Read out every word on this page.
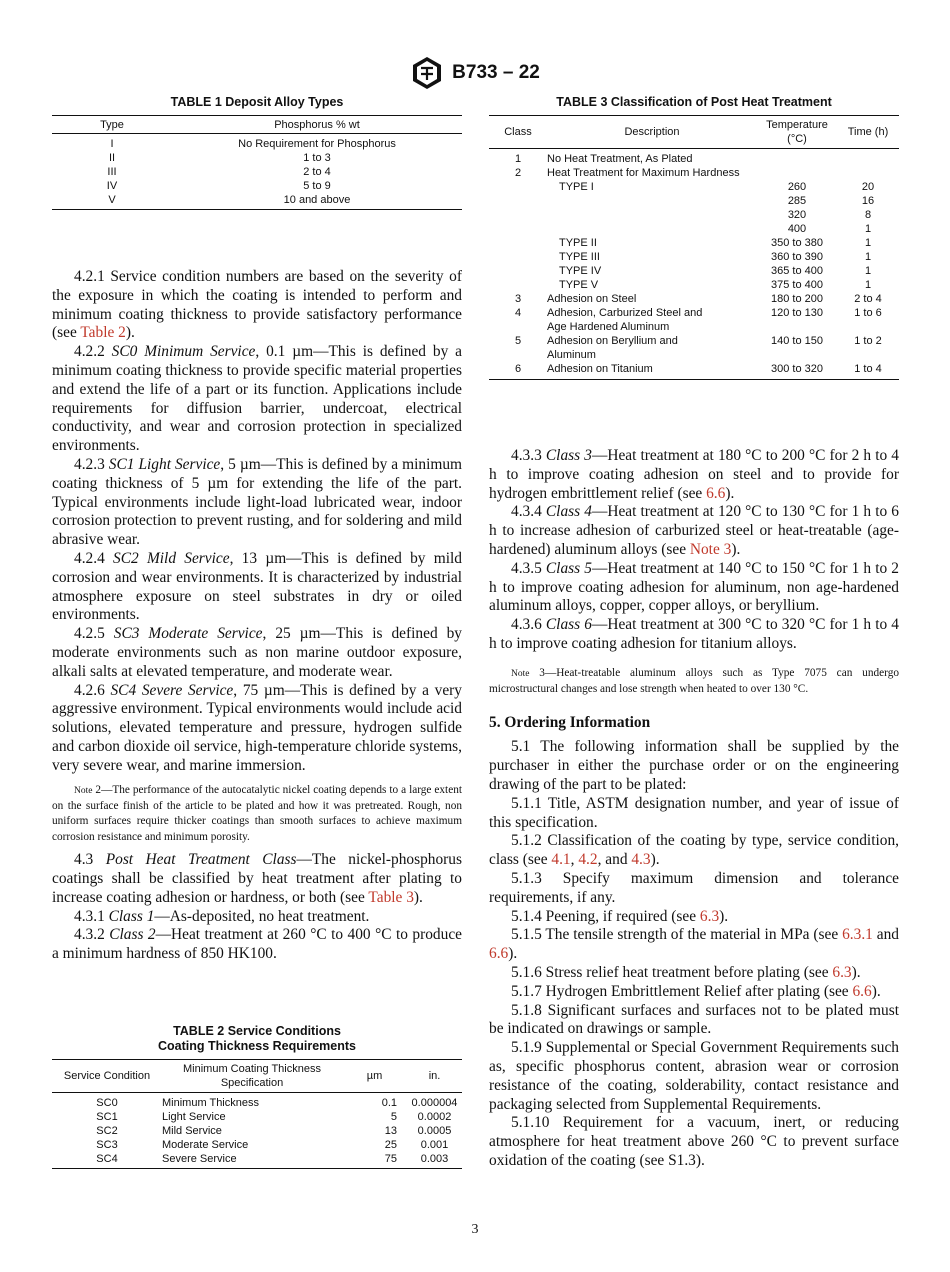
B733 – 22
TABLE 1 Deposit Alloy Types
Type	Phosphorus % wt
I	No Requirement for Phosphorus
II	1 to 3
III	2 to 4
IV	5 to 9
V	10 and above
TABLE 3 Classification of Post Heat Treatment
Class	Description	Temperature (°C)	Time (h)
1	No Heat Treatment, As Plated		
2	Heat Treatment for Maximum Hardness		
	TYPE I	260	20
		285	16
		320	8
		400	1
	TYPE II	350 to 380	1
	TYPE III	360 to 390	1
	TYPE IV	365 to 400	1
	TYPE V	375 to 400	1
3	Adhesion on Steel	180 to 200	2 to 4
4	Adhesion, Carburized Steel and Age Hardened Aluminum	120 to 130	1 to 6
5	Adhesion on Beryllium and Aluminum	140 to 150	1 to 2
6	Adhesion on Titanium	300 to 320	1 to 4

4.2.1 Service condition numbers are based on the severity of the exposure in which the coating is intended to perform and minimum coating thickness to provide satisfactory performance (see Table 2).

4.2.2 SC0 Minimum Service, 0.1 µm—This is defined by a minimum coating thickness to provide specific material properties and extend the life of a part or its function. Applications include requirements for diffusion barrier, undercoat, electrical conductivity, and wear and corrosion protection in specialized environments.

4.2.3 SC1 Light Service, 5 µm—This is defined by a minimum coating thickness of 5 µm for extending the life of the part. Typical environments include light-load lubricated wear, indoor corrosion protection to prevent rusting, and for soldering and mild abrasive wear.

4.2.4 SC2 Mild Service, 13 µm—This is defined by mild corrosion and wear environments. It is characterized by industrial atmosphere exposure on steel substrates in dry or oiled environments.

4.2.5 SC3 Moderate Service, 25 µm—This is defined by moderate environments such as non marine outdoor exposure, alkali salts at elevated temperature, and moderate wear.

4.2.6 SC4 Severe Service, 75 µm—This is defined by a very aggressive environment. Typical environments would include acid solutions, elevated temperature and pressure, hydrogen sulfide and carbon dioxide oil service, high-temperature chloride systems, very severe wear, and marine immersion.

Note 2—The performance of the autocatalytic nickel coating depends to a large extent on the surface finish of the article to be plated and how it was pretreated. Rough, non uniform surfaces require thicker coatings than smooth surfaces to achieve maximum corrosion resistance and minimum porosity.

4.3 Post Heat Treatment Class—The nickel-phosphorus coatings shall be classified by heat treatment after plating to increase coating adhesion or hardness, or both (see Table 3).

4.3.1 Class 1—As-deposited, no heat treatment.

4.3.2 Class 2—Heat treatment at 260 °C to 400 °C to produce a minimum hardness of 850 HK100.

TABLE 2 Service Conditions
Coating Thickness Requirements
Service Condition	Minimum Coating Thickness Specification	µm	in.
SC0	Minimum Thickness	0.1	0.000004
SC1	Light Service	5	0.0002
SC2	Mild Service	13	0.0005
SC3	Moderate Service	25	0.001
SC4	Severe Service	75	0.003

4.3.3 Class 3—Heat treatment at 180 °C to 200 °C for 2 h to 4 h to improve coating adhesion on steel and to provide for hydrogen embrittlement relief (see 6.6).

4.3.4 Class 4—Heat treatment at 120 °C to 130 °C for 1 h to 6 h to increase adhesion of carburized steel or heat-treatable (age-hardened) aluminum alloys (see Note 3).

4.3.5 Class 5—Heat treatment at 140 °C to 150 °C for 1 h to 2 h to improve coating adhesion for aluminum, non age-hardened aluminum alloys, copper, copper alloys, or beryllium.

4.3.6 Class 6—Heat treatment at 300 °C to 320 °C for 1 h to 4 h to improve coating adhesion for titanium alloys.

Note 3—Heat-treatable aluminum alloys such as Type 7075 can undergo microstructural changes and lose strength when heated to over 130 °C.

5. Ordering Information

5.1 The following information shall be supplied by the purchaser in either the purchase order or on the engineering drawing of the part to be plated:

5.1.1 Title, ASTM designation number, and year of issue of this specification.

5.1.2 Classification of the coating by type, service condition, class (see 4.1, 4.2, and 4.3).

5.1.3 Specify maximum dimension and tolerance requirements, if any.

5.1.4 Peening, if required (see 6.3).

5.1.5 The tensile strength of the material in MPa (see 6.3.1 and 6.6).

5.1.6 Stress relief heat treatment before plating (see 6.3).

5.1.7 Hydrogen Embrittlement Relief after plating (see 6.6).

5.1.8 Significant surfaces and surfaces not to be plated must be indicated on drawings or sample.

5.1.9 Supplemental or Special Government Requirements such as, specific phosphorus content, abrasion wear or corrosion resistance of the coating, solderability, contact resistance and packaging selected from Supplemental Requirements.

5.1.10 Requirement for a vacuum, inert, or reducing atmosphere for heat treatment above 260 °C to prevent surface oxidation of the coating (see S1.3).

3
